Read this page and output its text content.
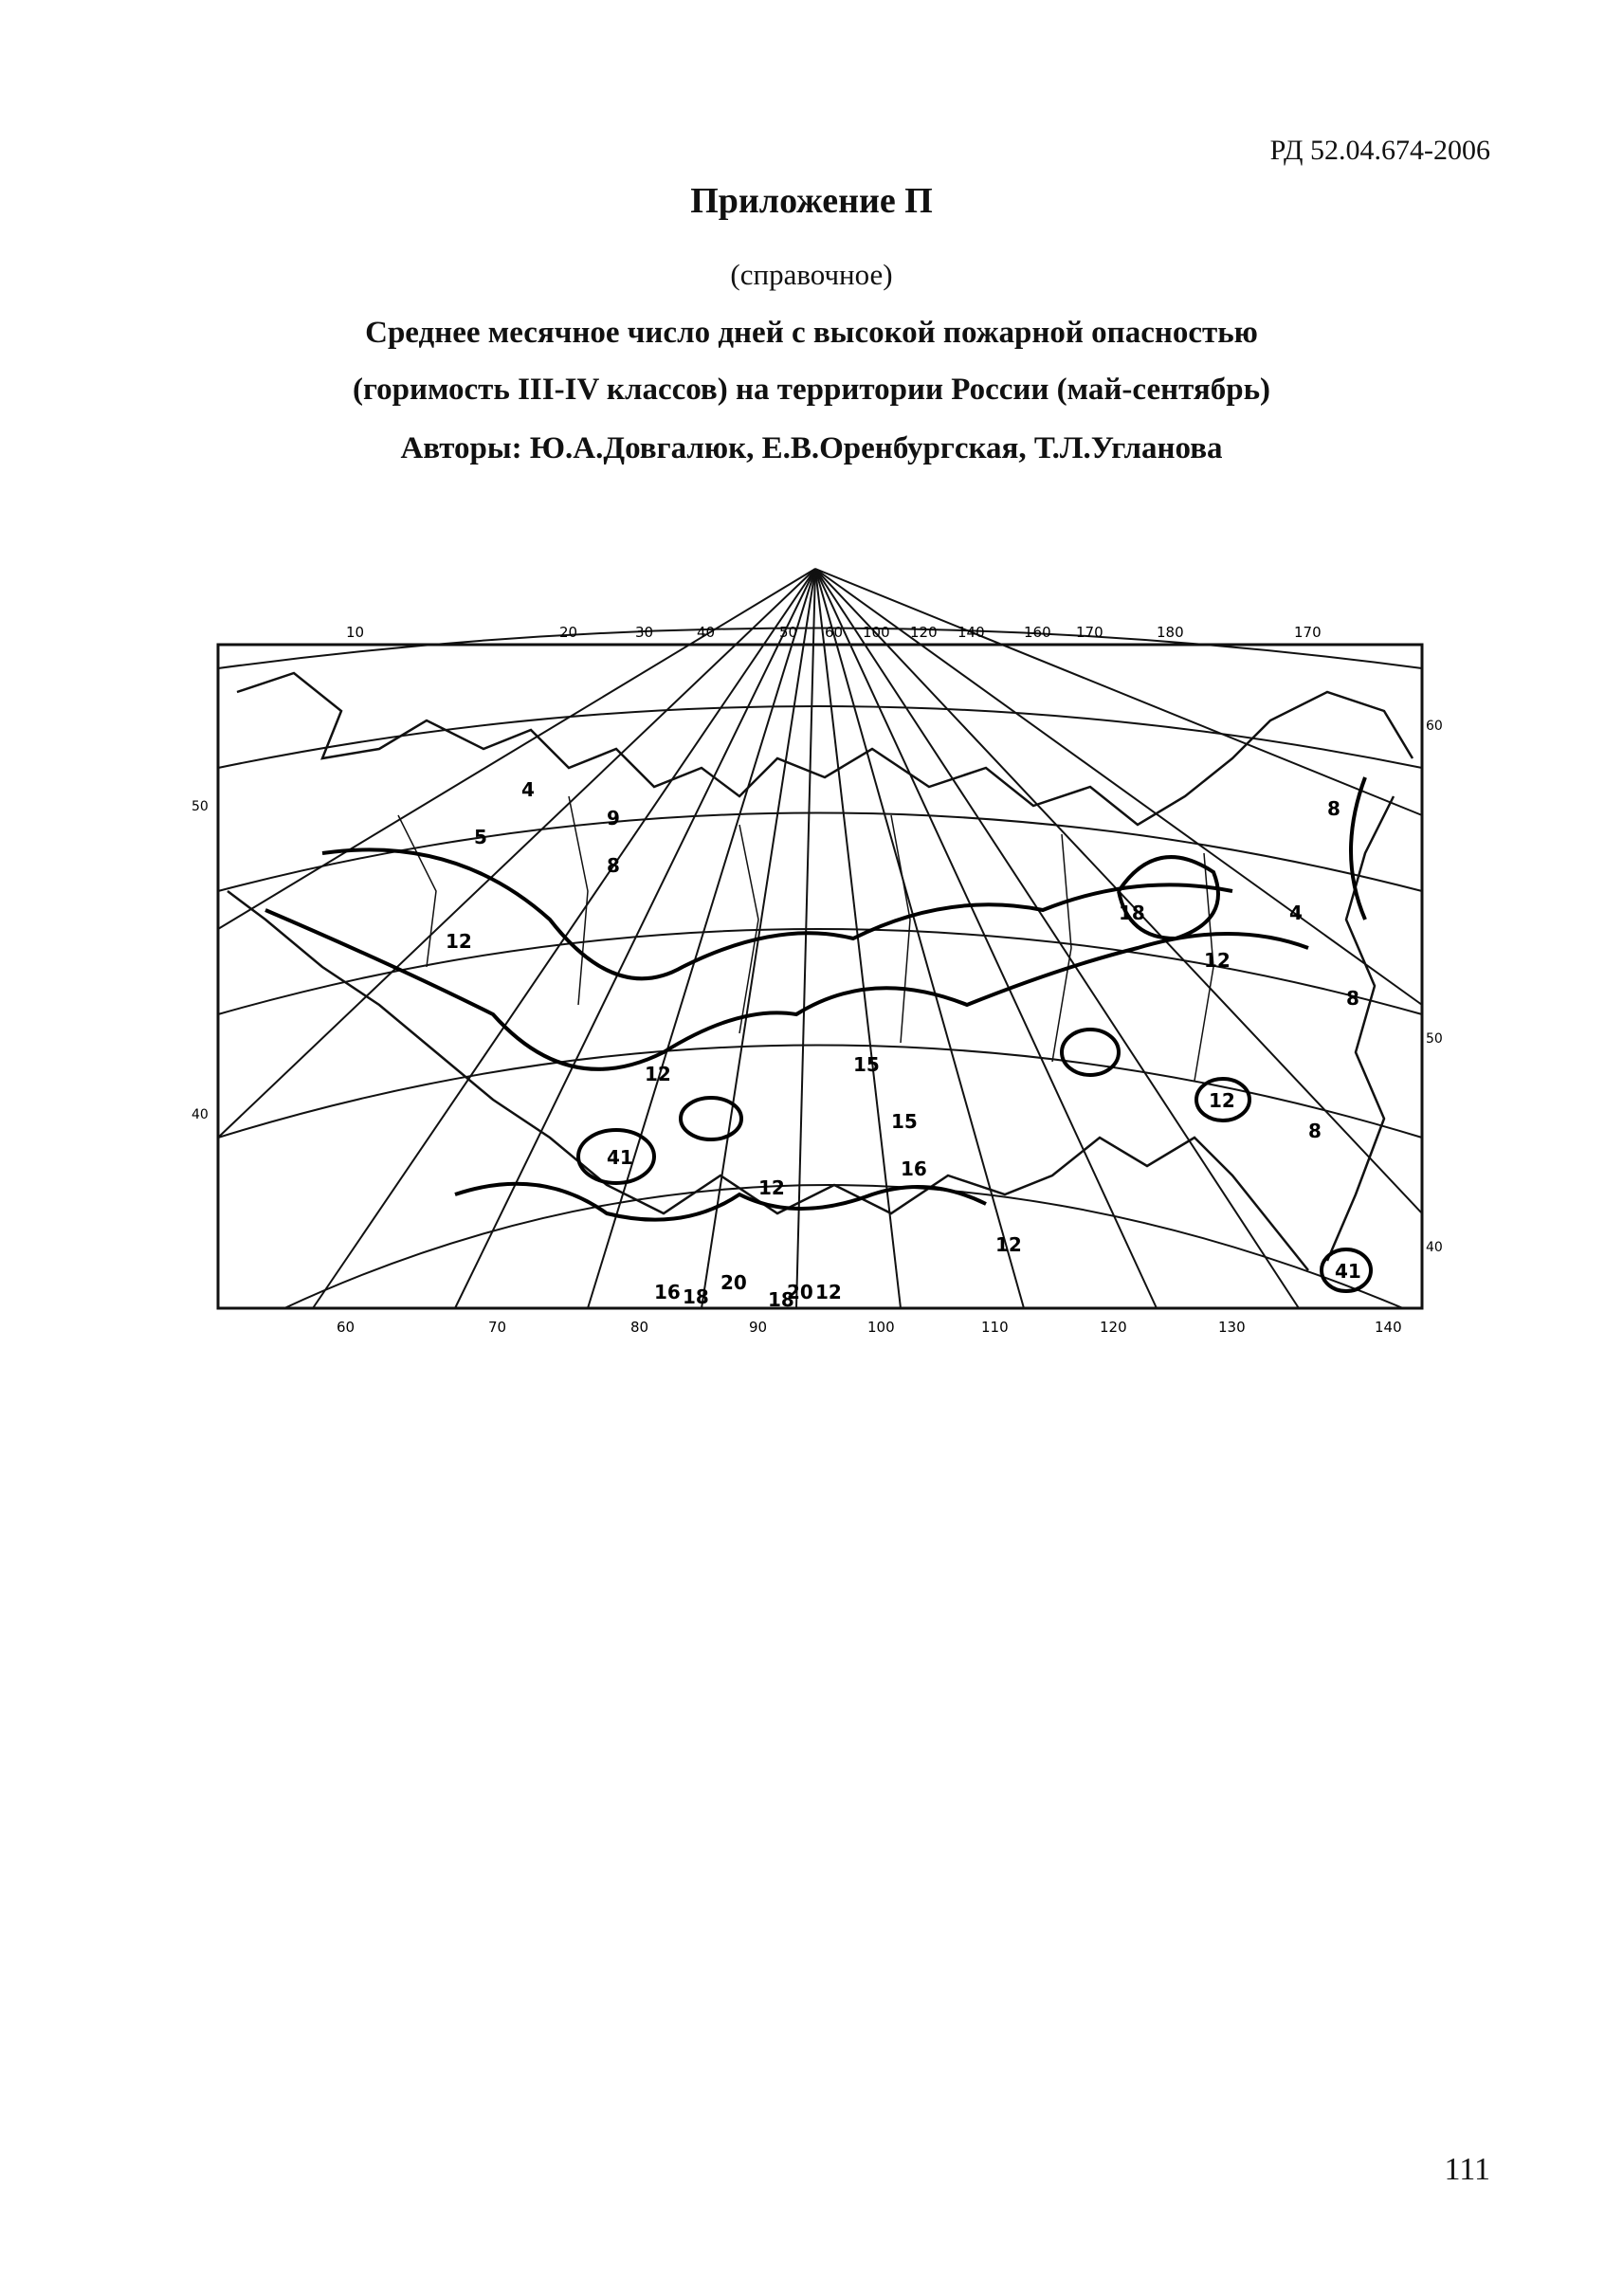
РД 52.04.674-2006
Приложение П
(справочное)
Среднее месячное число дней с высокой пожарной опасностью
(горимость III-IV классов) на территории России (май-сентябрь)
Авторы: Ю.А.Довгалюк, Е.В.Оренбургская, Т.Л.Угланова
4
5
8
9
12
15
16 18	20
12
12
16
20
18 12
12
4
8
12
41
41
8
15
18
12
8
10	20	30	40	50 60 100 120 140	160 170	180	170
60	70	80	90	100	110	120	130	140
50
40
60
50
40
111
